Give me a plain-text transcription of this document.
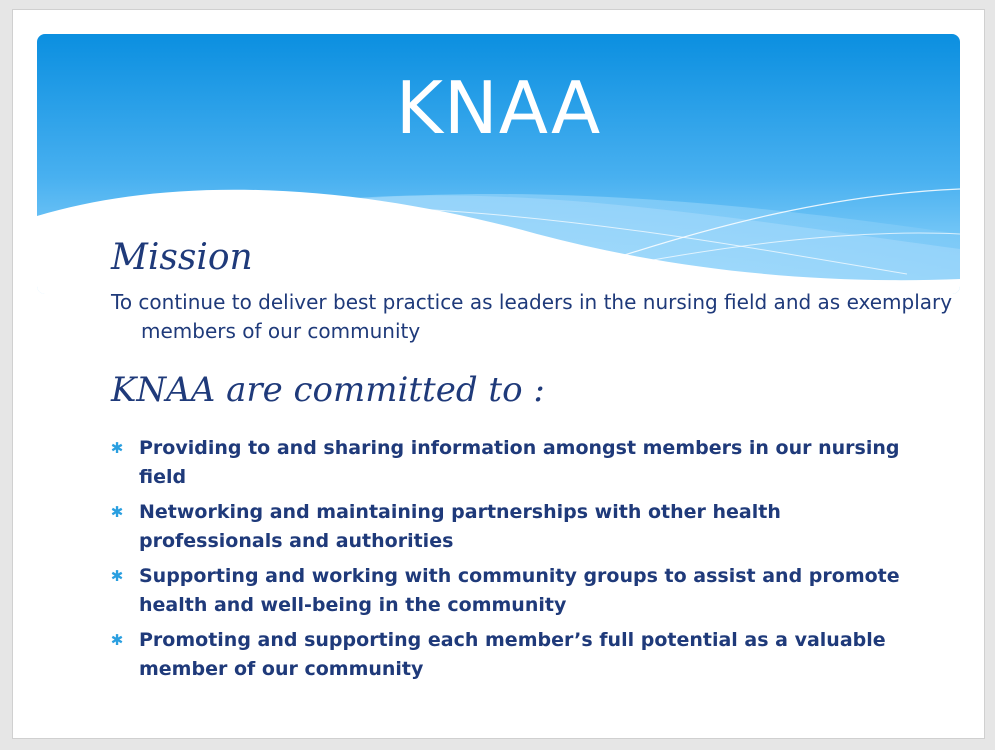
KNAA
Mission
To continue to deliver best practice as leaders in the nursing field and as exemplary members of our community
KNAA are committed to :
✱ Providing to and sharing information amongst members in our nursing field
✱ Networking and maintaining partnerships with other health professionals and authorities
✱ Supporting and working with community groups to assist and promote health and well-being in the community
✱ Promoting and supporting each member’s full potential as a valuable member of our community
